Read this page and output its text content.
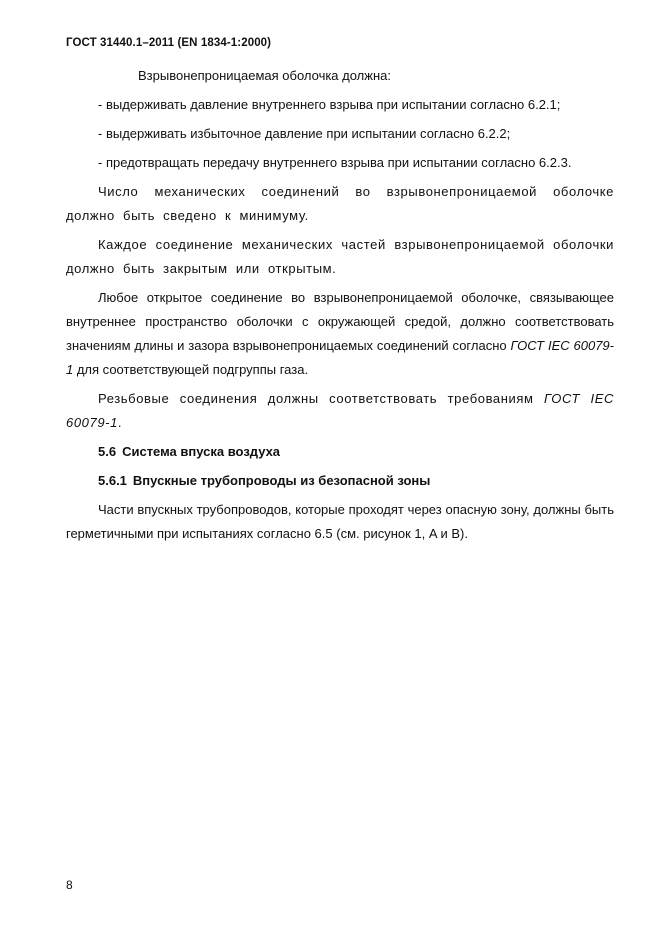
ГОСТ 31440.1–2011 (EN 1834-1:2000)

Взрывонепроницаемая оболочка должна:

- выдерживать давление внутреннего взрыва при испытании согласно 6.2.1;

- выдерживать избыточное давление при испытании согласно 6.2.2;

- предотвращать передачу внутреннего взрыва при испытании согласно 6.2.3.

Число механических соединений во взрывонепроницаемой оболочке должно быть сведено к минимуму.

Каждое соединение механических частей взрывонепроницаемой оболочки должно быть закрытым или открытым.

Любое открытое соединение во взрывонепроницаемой оболочке, связывающее внутреннее пространство оболочки с окружающей средой, должно соответствовать значениям длины и зазора взрывонепроницаемых соединений согласно ГОСТ IEC 60079-1 для соответствующей подгруппы газа.

Резьбовые соединения должны соответствовать требованиям ГОСТ IEC 60079-1.

5.6 Система впуска воздуха

5.6.1 Впускные трубопроводы из безопасной зоны

Части впускных трубопроводов, которые проходят через опасную зону, должны быть герметичными при испытаниях согласно 6.5 (см. рисунок 1, A и B).

8
